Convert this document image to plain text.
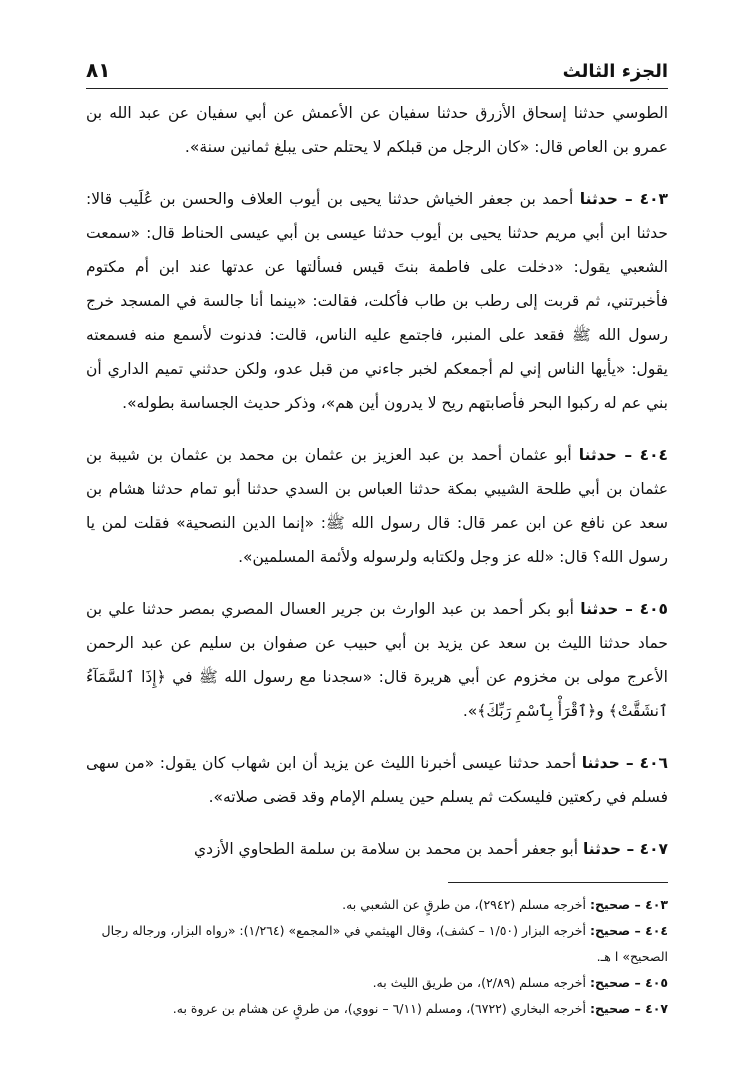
الجزء الثالث
٨١

الطوسي حدثنا إسحاق الأزرق حدثنا سفيان عن الأعمش عن أبي سفيان عن عبد الله بن عمرو بن العاص قال: «كان الرجل من قبلكم لا يحتلم حتى يبلغ ثمانين سنة».

٤٠٣ – حدثنا أحمد بن جعفر الخياش حدثنا يحيى بن أيوب العلاف والحسن بن عُلَيب قالا: حدثنا ابن أبي مريم حدثنا يحيى بن أيوب حدثنا عيسى بن أبي عيسى الحناط قال: «سمعت الشعبي يقول: «دخلت على فاطمة بنتَ قيس فسألتها عن عدتها عند ابن أم مكتوم فأخبرتني، ثم قربت إلى رطب بن طاب فأكلت، فقالت: «بينما أنا جالسة في المسجد خرج رسول الله ﷺ فقعد على المنبر، فاجتمع عليه الناس، قالت: فدنوت لأسمع منه فسمعته يقول: «يأيها الناس إني لم أجمعكم لخبر جاءني من قبل عدو، ولكن حدثني تميم الداري أن بني عم له ركبوا البحر فأصابتهم ريح لا يدرون أين هم»، وذكر حديث الجساسة بطوله».

٤٠٤ – حدثنا أبو عثمان أحمد بن عبد العزيز بن عثمان بن محمد بن عثمان بن شيبة بن عثمان بن أبي طلحة الشيبي بمكة حدثنا العباس بن السدي حدثنا أبو تمام حدثنا هشام بن سعد عن نافع عن ابن عمر قال: قال رسول الله ﷺ: «إنما الدين النصحية» فقلت لمن يا رسول الله؟ قال: «لله عز وجل ولكتابه ولرسوله ولأئمة المسلمين».

٤٠٥ – حدثنا أبو بكر أحمد بن عبد الوارث بن جرير العسال المصري بمصر حدثنا علي بن حماد حدثنا الليث بن سعد عن يزيد بن أبي حبيب عن صفوان بن سليم عن عبد الرحمن الأعرج مولى بن مخزوم عن أبي هريرة قال: «سجدنا مع رسول الله ﷺ في ﴿إِذَا ٱلسَّمَآءُ ٱنشَقَّتْ﴾ و﴿ٱقْرَأْ بِٱسْمِ رَبِّكَ﴾».

٤٠٦ – حدثنا أحمد حدثنا عيسى أخبرنا الليث عن يزيد أن ابن شهاب كان يقول: «من سهى فسلم في ركعتين فليسكت ثم يسلم حين يسلم الإمام وقد قضى صلاته».

٤٠٧ – حدثنا أبو جعفر أحمد بن محمد بن سلامة بن سلمة الطحاوي الأزدي

٤٠٣ – صحيح: أخرجه مسلم (٢٩٤٢)، من طرقٍ عن الشعبي به.

٤٠٤ – صحيح: أخرجه البزار (١/٥٠ – كشف)، وقال الهيثمي في «المجمع» (١/٢٦٤): «رواه البزار، ورجاله رجال الصحيح» ا هـ.

٤٠٥ – صحيح: أخرجه مسلم (٢/٨٩)، من طريق الليث به.

٤٠٧ – صحيح: أخرجه البخاري (٦٧٢٢)، ومسلم (٦/١١ – نووي)، من طرقٍ عن هشام بن عروة به.
